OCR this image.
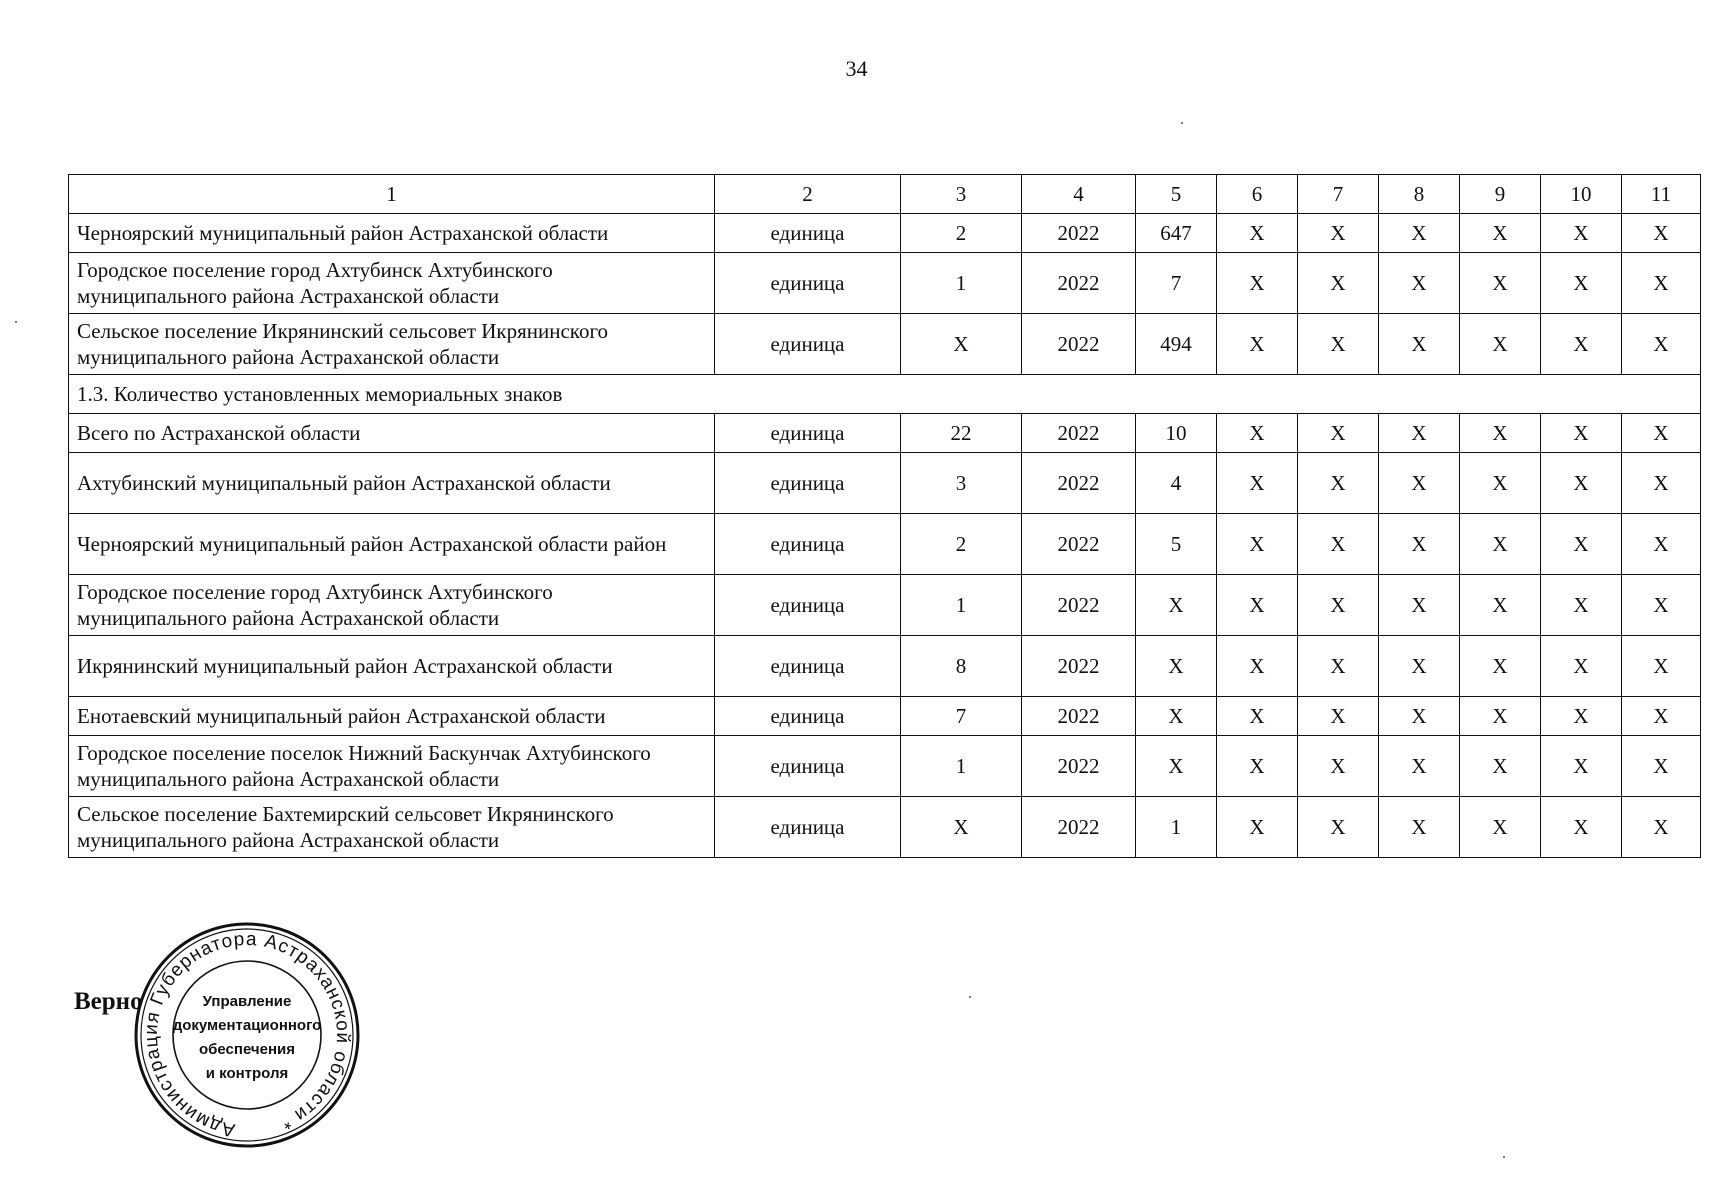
34
1	2	3	4	5	6	7	8	9	10	11
Черноярский муниципальный район Астраханской области	единица	2	2022	647	Х	Х	Х	Х	Х	Х
Городское поселение город Ахтубинск Ахтубинского муниципального района Астраханской области	единица	1	2022	7	Х	Х	Х	Х	Х	Х
Сельское поселение Икрянинский сельсовет Икрянинского муниципального района Астраханской области	единица	Х	2022	494	Х	Х	Х	Х	Х	Х
1.3. Количество установленных мемориальных знаков										
Всего по Астраханской области	единица	22	2022	10	Х	Х	Х	Х	Х	Х
Ахтубинский муниципальный район Астраханской области	единица	3	2022	4	Х	Х	Х	Х	Х	Х
Черноярский муниципальный район Астраханской области район	единица	2	2022	5	Х	Х	Х	Х	Х	Х
Городское поселение город Ахтубинск Ахтубинского муниципального района Астраханской области	единица	1	2022	Х	Х	Х	Х	Х	Х	Х
Икрянинский муниципальный район Астраханской области	единица	8	2022	Х	Х	Х	Х	Х	Х	Х
Енотаевский муниципальный район Астраханской области	единица	7	2022	Х	Х	Х	Х	Х	Х	Х
Городское поселение поселок Нижний Баскунчак Ахтубинского муниципального района Астраханской области	единица	1	2022	Х	Х	Х	Х	Х	Х	Х
Сельское поселение Бахтемирский сельсовет Икрянинского муниципального района Астраханской области	единица	Х	2022	1	Х	Х	Х	Х	Х	Х
Верно
Администрация Губернатора Астраханской области *
Управление
документационного
обеспечения
и контроля
